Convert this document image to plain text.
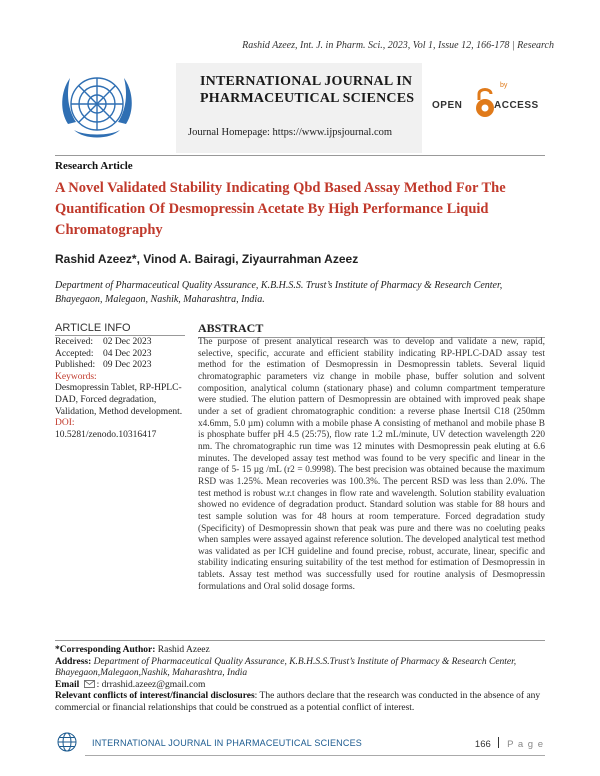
Rashid Azeez, Int. J. in Pharm. Sci., 2023, Vol 1, Issue 12, 166-178 | Research
INTERNATIONAL JOURNAL IN
PHARMACEUTICAL SCIENCES
Journal Homepage: https://www.ijpsjournal.com
OPEN
by
ACCESS
Research Article
A Novel Validated Stability Indicating Qbd Based Assay Method For The Quantification Of Desmopressin Acetate By High Performance Liquid Chromatography
Rashid Azeez*, Vinod A. Bairagi, Ziyaurrahman Azeez
Department of Pharmaceutical Quality Assurance, K.B.H.S.S. Trust’s Institute of Pharmacy & Research Center, Bhayegaon, Malegaon, Nashik, Maharashtra, India.
ARTICLE INFO	ABSTRACT
Received:	02 Dec 2023
Accepted: 04 Dec 2023
Published: 09 Dec 2023
Keywords:
Desmopressin Tablet, RP-HPLC-DAD, Forced degradation, Validation, Method development.
DOI:
10.5281/zenodo.10316417
The purpose of present analytical research was to develop and validate a new, rapid, selective, specific, accurate and efficient stability indicating RP-HPLC-DAD assay test method for the estimation of Desmopressin in Desmopressin tablets. Several liquid chromatographic parameters viz change in mobile phase, buffer solution and solvent composition, analytical column (stationary phase) and column compartment temperature were studied. The elution pattern of Desmopressin are obtained with improved peak shape under a set of gradient chromatographic condition: a reverse phase Inertsil C18 (250mm x4.6mm, 5.0 µm) column with a mobile phase A consisting of methanol and mobile phase B is phosphate buffer pH 4.5 (25:75), flow rate 1.2 mL/minute, UV detection wavelength 220 nm. The chromatographic run time was 12 minutes with Desmopressin peak eluting at 6.6 minutes. The developed assay test method was found to be very specific and linear in the range of 5- 15 µg /mL (r2 = 0.9998). The best precision was obtained because the maximum RSD was 1.25%. Mean recoveries was 100.3%. The percent RSD was less than 2.0%. The test method is robust w.r.t changes in flow rate and wavelength. Solution stability evaluation showed no evidence of degradation product. Standard solution was stable for 88 hours and test sample solution was for 48 hours at room temperature. Forced degradation study (Specificity) of Desmopressin shown that peak was pure and there was no coeluting peaks when samples were assayed against reference solution. The developed analytical test method was validated as per ICH guideline and found precise, robust, accurate, linear, specific and stability indicating ensuring suitability of the test method for estimation of Desmopressin in tablets. Assay test method was successfully used for routine analysis of Desmopressin formulations and Oral solid dosage forms.
*Corresponding Author: Rashid Azeez
Address: Department of Pharmaceutical Quality Assurance, K.B.H.S.S.Trust’s Institute of Pharmacy & Research Center, Bhayegaon,Malegaon,Nashik, Maharashtra, India
Email : drrashid.azeez@gmail.com
Relevant conflicts of interest/financial disclosures: The authors declare that the research was conducted in the absence of any commercial or financial relationships that could be construed as a potential conflict of interest.
INTERNATIONAL JOURNAL IN PHARMACEUTICAL SCIENCES	166 P a g e
